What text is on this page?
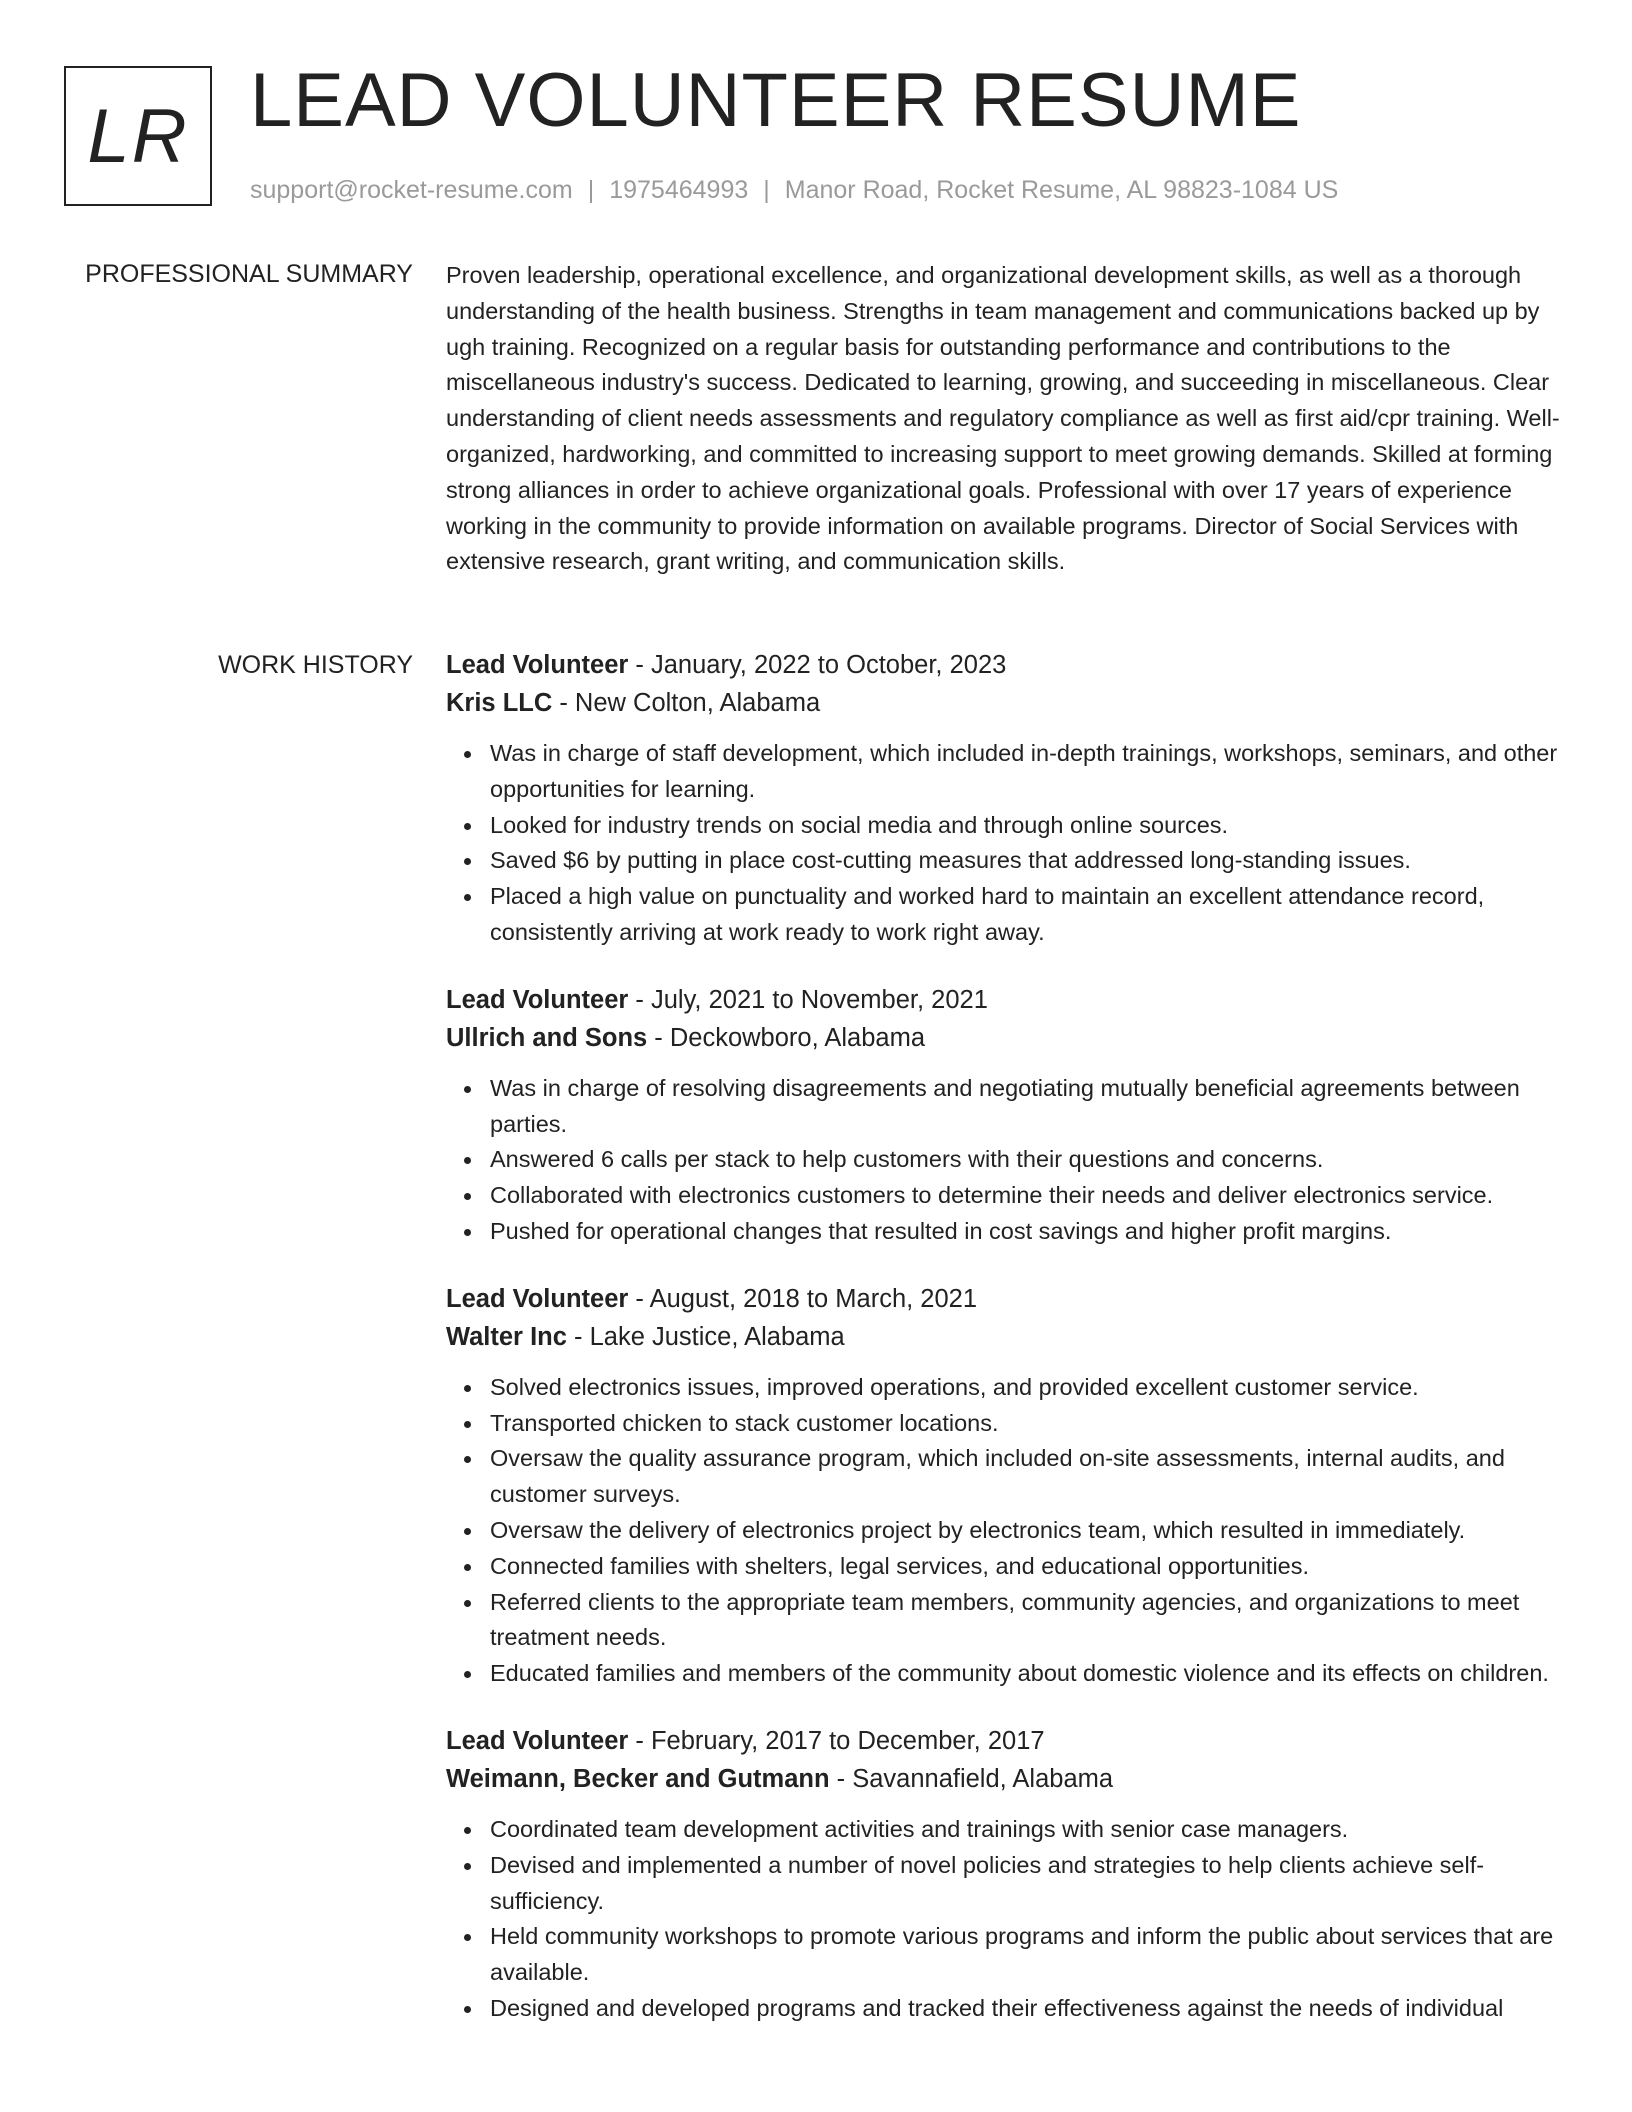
LR LEAD VOLUNTEER RESUME
support@rocket-resume.com | 1975464993 | Manor Road, Rocket Resume, AL 98823-1084 US
PROFESSIONAL SUMMARY Proven leadership, operational excellence, and organizational development skills, as well as a thorough understanding of the health business. Strengths in team management and communications backed up by ugh training. Recognized on a regular basis for outstanding performance and contributions to the miscellaneous industry's success. Dedicated to learning, growing, and succeeding in miscellaneous. Clear understanding of client needs assessments and regulatory compliance as well as first aid/cpr training. Well-organized, hardworking, and committed to increasing support to meet growing demands. Skilled at forming strong alliances in order to achieve organizational goals. Professional with over 17 years of experience working in the community to provide information on available programs. Director of Social Services with extensive research, grant writing, and communication skills.

WORK HISTORY Lead Volunteer - January, 2022 to October, 2023

Kris LLC - New Colton, Alabama

Was in charge of staff development, which included in-depth trainings, workshops, seminars, and other opportunities for learning.
Looked for industry trends on social media and through online sources.
Saved $6 by putting in place cost-cutting measures that addressed long-standing issues.
Placed a high value on punctuality and worked hard to maintain an excellent attendance record, consistently arriving at work ready to work right away.

Lead Volunteer - July, 2021 to November, 2021

Ullrich and Sons - Deckowboro, Alabama

Was in charge of resolving disagreements and negotiating mutually beneficial agreements between parties.
Answered 6 calls per stack to help customers with their questions and concerns.
Collaborated with electronics customers to determine their needs and deliver electronics service.
Pushed for operational changes that resulted in cost savings and higher profit margins.

Lead Volunteer - August, 2018 to March, 2021

Walter Inc - Lake Justice, Alabama

Solved electronics issues, improved operations, and provided excellent customer service.
Transported chicken to stack customer locations.
Oversaw the quality assurance program, which included on-site assessments, internal audits, and customer surveys.
Oversaw the delivery of electronics project by electronics team, which resulted in immediately.
Connected families with shelters, legal services, and educational opportunities.
Referred clients to the appropriate team members, community agencies, and organizations to meet treatment needs.
Educated families and members of the community about domestic violence and its effects on children.

Lead Volunteer - February, 2017 to December, 2017

Weimann, Becker and Gutmann - Savannafield, Alabama

Coordinated team development activities and trainings with senior case managers.
Devised and implemented a number of novel policies and strategies to help clients achieve self-sufficiency.
Held community workshops to promote various programs and inform the public about services that are available.
Designed and developed programs and tracked their effectiveness against the needs of individual
